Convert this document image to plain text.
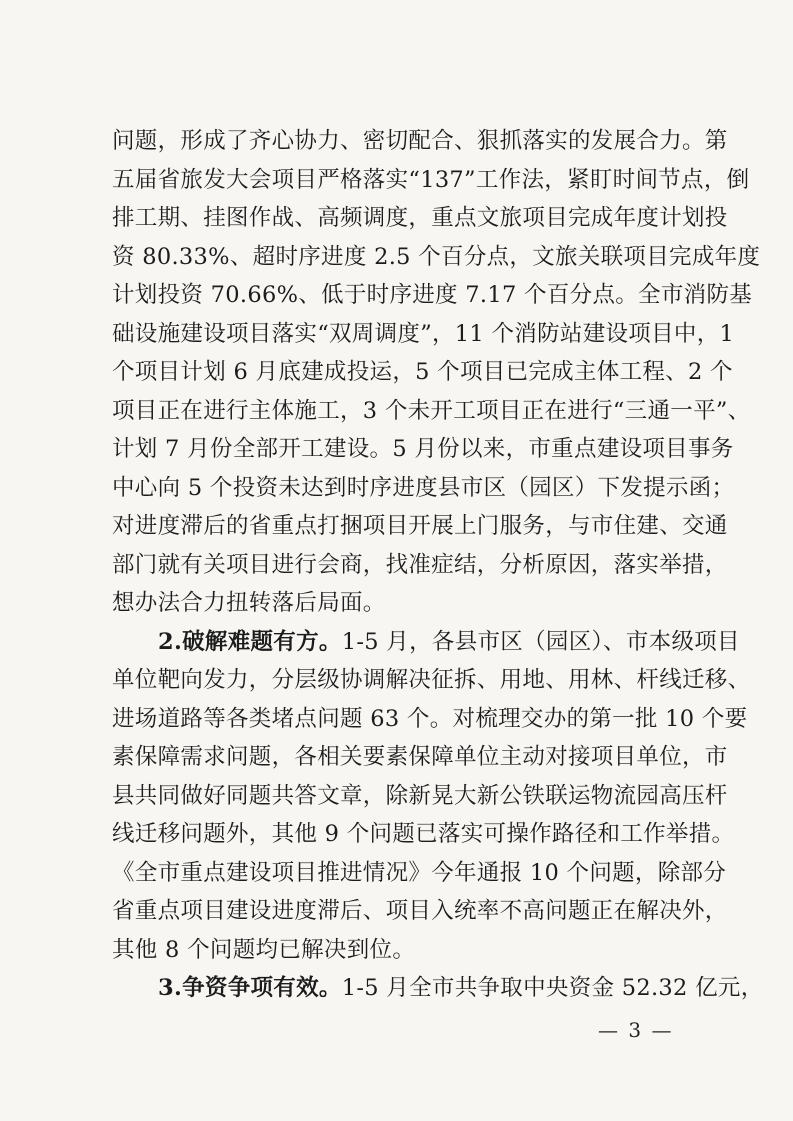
问题，形成了齐心协力、密切配合、狠抓落实的发展合力。第
五届省旅发大会项目严格落实“137”工作法，紧盯时间节点，倒
排工期、挂图作战、高频调度，重点文旅项目完成年度计划投
资 80.33%、超时序进度 2.5 个百分点，文旅关联项目完成年度
计划投资 70.66%、低于时序进度 7.17 个百分点。全市消防基
础设施建设项目落实“双周调度”，11 个消防站建设项目中，1
个项目计划 6 月底建成投运，5 个项目已完成主体工程、2 个
项目正在进行主体施工，3 个未开工项目正在进行“三通一平”、
计划 7 月份全部开工建设。5 月份以来，市重点建设项目事务
中心向 5 个投资未达到时序进度县市区（园区）下发提示函；
对进度滞后的省重点打捆项目开展上门服务，与市住建、交通
部门就有关项目进行会商，找准症结，分析原因，落实举措，
想办法合力扭转落后局面。
2.破解难题有方。1-5 月，各县市区（园区）、市本级项目
单位靶向发力，分层级协调解决征拆、用地、用林、杆线迁移、
进场道路等各类堵点问题 63 个。对梳理交办的第一批 10 个要
素保障需求问题，各相关要素保障单位主动对接项目单位，市
县共同做好同题共答文章，除新晃大新公铁联运物流园高压杆
线迁移问题外，其他 9 个问题已落实可操作路径和工作举措。
《全市重点建设项目推进情况》今年通报 10 个问题，除部分
省重点项目建设进度滞后、项目入统率不高问题正在解决外，
其他 8 个问题均已解决到位。
3.争资争项有效。1-5 月全市共争取中央资金 52.32 亿元，
— 3 —
